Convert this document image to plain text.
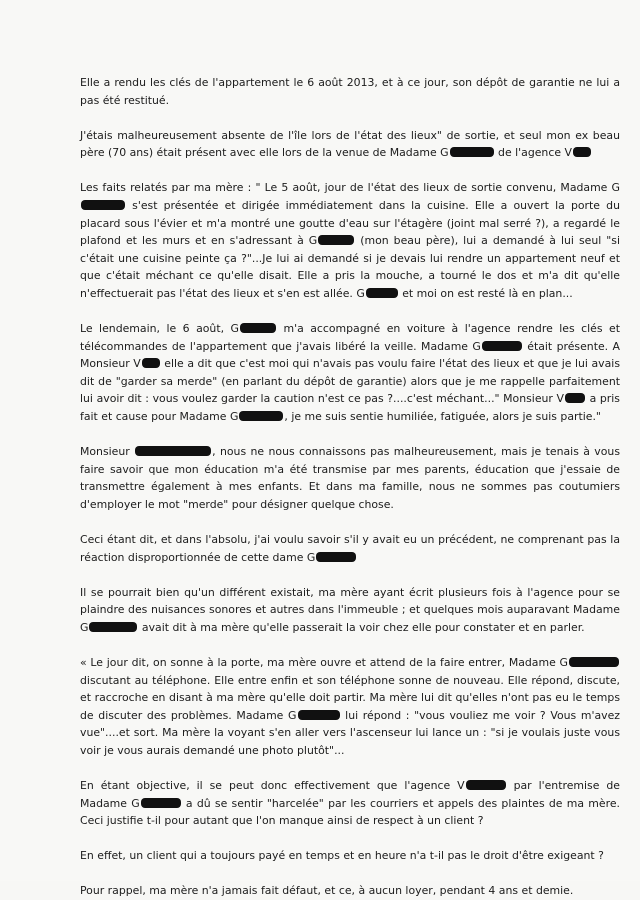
Elle a rendu les clés de l'appartement le 6 août 2013, et à ce jour, son dépôt de garantie ne lui a pas été restitué.

J'étais malheureusement absente de l'île lors de l'état des lieux" de sortie, et seul mon ex beau père (70 ans) était présent avec elle lors de la venue de Madame G	de l'agence V

Les faits relatés par ma mère : " Le 5 août, jour de l'état des lieux de sortie convenu, Madame G s'est présentée et dirigée immédiatement dans la cuisine. Elle a ouvert la porte du placard sous l'évier et m'a montré une goutte d'eau sur l'étagère (joint mal serré ?), a regardé le plafond et les murs et en s'adressant à G	(mon beau père), lui a demandé à lui seul "si c'était une cuisine peinte ça ?"...Je lui ai demandé si je devais lui rendre un appartement neuf et que c'était méchant ce qu'elle disait. Elle a pris la mouche, a tourné le dos et m'a dit qu'elle n'effectuerait pas l'état des lieux et s'en est allée. G	et moi on est resté là en plan...

Le lendemain, le 6 août, G	m'a accompagné en voiture à l'agence rendre les clés et télécommandes de l'appartement que j'avais libéré la veille. Madame G	était présente. A Monsieur V elle a dit que c'est moi qui n'avais pas voulu faire l'état des lieux et que je lui avais dit de "garder sa merde" (en parlant du dépôt de garantie) alors que je me rappelle parfaitement lui avoir dit : vous voulez garder la caution n'est ce pas ?....c'est méchant..." Monsieur V a pris fait et cause pour Madame G	, je me suis sentie humiliée, fatiguée, alors je suis partie."

Monsieur	, nous ne nous connaissons pas malheureusement, mais je tenais à vous faire savoir que mon éducation m'a été transmise par mes parents, éducation que j'essaie de transmettre également à mes enfants. Et dans ma famille, nous ne sommes pas coutumiers d'employer le mot "merde" pour désigner quelque chose.

Ceci étant dit, et dans l'absolu, j'ai voulu savoir s'il y avait eu un précédent, ne comprenant pas la réaction disproportionnée de cette dame G

Il se pourrait bien qu'un différent existait, ma mère ayant écrit plusieurs fois à l'agence pour se plaindre des nuisances sonores et autres dans l'immeuble ; et quelques mois auparavant Madame G	avait dit à ma mère qu'elle passerait la voir chez elle pour constater et en parler.

« Le jour dit, on sonne à la porte, ma mère ouvre et attend de la faire entrer, Madame G discutant au téléphone. Elle entre enfin et son téléphone sonne de nouveau. Elle répond, discute, et raccroche en disant à ma mère qu'elle doit partir. Ma mère lui dit qu'elles n'ont pas eu le temps de discuter des problèmes. Madame G	lui répond : "vous vouliez me voir ? Vous m'avez vue"....et sort. Ma mère la voyant s'en aller vers l'ascenseur lui lance un : "si je voulais juste vous voir je vous aurais demandé une photo plutôt"...

En étant objective, il se peut donc effectivement que l'agence V	par l'entremise de Madame G	a dû se sentir "harcelée" par les courriers et appels des plaintes de ma mère. Ceci justifie t-il pour autant que l'on manque ainsi de respect à un client ?

En effet, un client qui a toujours payé en temps et en heure n'a t-il pas le droit d'être exigeant ?

Pour rappel, ma mère n'a jamais fait défaut, et ce, à aucun loyer, pendant 4 ans et demie.
